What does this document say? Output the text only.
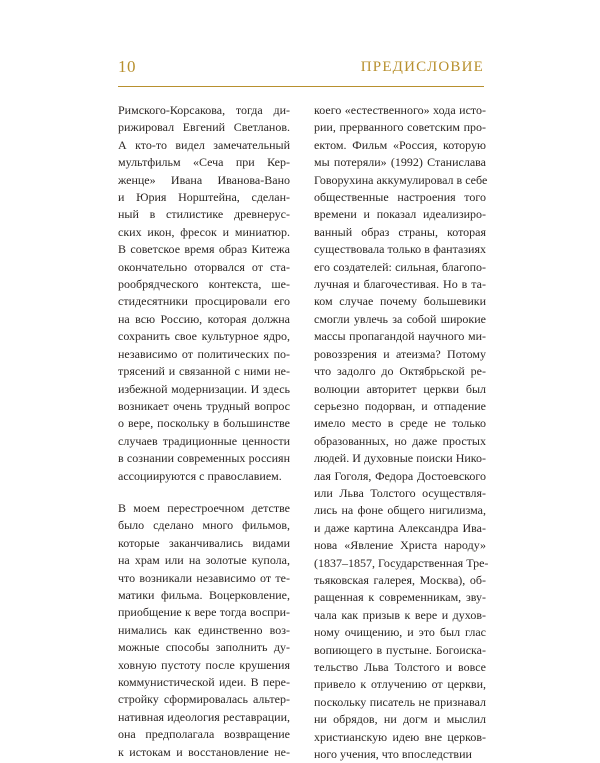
10	ПРЕДИСЛОВИЕ
Римского-Корсакова, тогда ди-
рижировал Евгений Светланов.
А кто-то видел замечательный
мультфильм «Сеча при Кер-
женце» Ивана Иванова-Вано
и Юрия Норштейна, сделан-
ный в стилистике древнерус-
ских икон, фресок и миниатюр.
В советское время образ Китежа
окончательно оторвался от ста-
рообрядческого контекста, ше-
стидесятники просцировали его
на всю Россию, которая должна
сохранить свое культурное ядро,
независимо от политических по-
трясений и связанной с ними не-
избежной модернизации. И здесь
возникает очень трудный вопрос
о вере, поскольку в большинстве
случаев традиционные ценности
в сознании современных россиян
ассоциируются с православием.
В моем перестроечном детстве
было сделано много фильмов,
которые заканчивались видами
на храм или на золотые купола,
что возникали независимо от те-
матики фильма. Воцерковление,
приобщение к вере тогда воспри-
нимались как единственно воз-
можные способы заполнить ду-
ховную пустоту после крушения
коммунистической идеи. В пере-
стройку сформировалась альтер-
нативная идеология реставрации,
она предполагала возвращение
к истокам и восстановление не-
коего «естественного» хода исто-
рии, прерванного советским про-
ектом. Фильм «Россия, которую
мы потеряли» (1992) Станислава
Говорухина аккумулировал в себе
общественные настроения того
времени и показал идеализиро-
ванный образ страны, которая
существовала только в фантазиях
его создателей: сильная, благопо-
лучная и благочестивая. Но в та-
ком случае почему большевики
смогли увлечь за собой широкие
массы пропагандой научного ми-
ровоззрения и атеизма? Потому
что задолго до Октябрьской ре-
волюции авторитет церкви был
серьезно подорван, и отпадение
имело место в среде не только
образованных, но даже простых
людей. И духовные поиски Нико-
лая Гоголя, Федора Достоевского
или Льва Толстого осуществля-
лись на фоне общего нигилизма,
и даже картина Александра Ива-
нова «Явление Христа народу»
(1837–1857, Государственная Тре-
тьяковская галерея, Москва), об-
ращенная к современникам, зву-
чала как призыв к вере и духов-
ному очищению, и это был глас
вопиющего в пустыне. Богоиска-
тельство Льва Толстого и вовсе
привело к отлучению от церкви,
поскольку писатель не признавал
ни обрядов, ни догм и мыслил
христианскую идею вне церков-
ного учения, что впоследствии
